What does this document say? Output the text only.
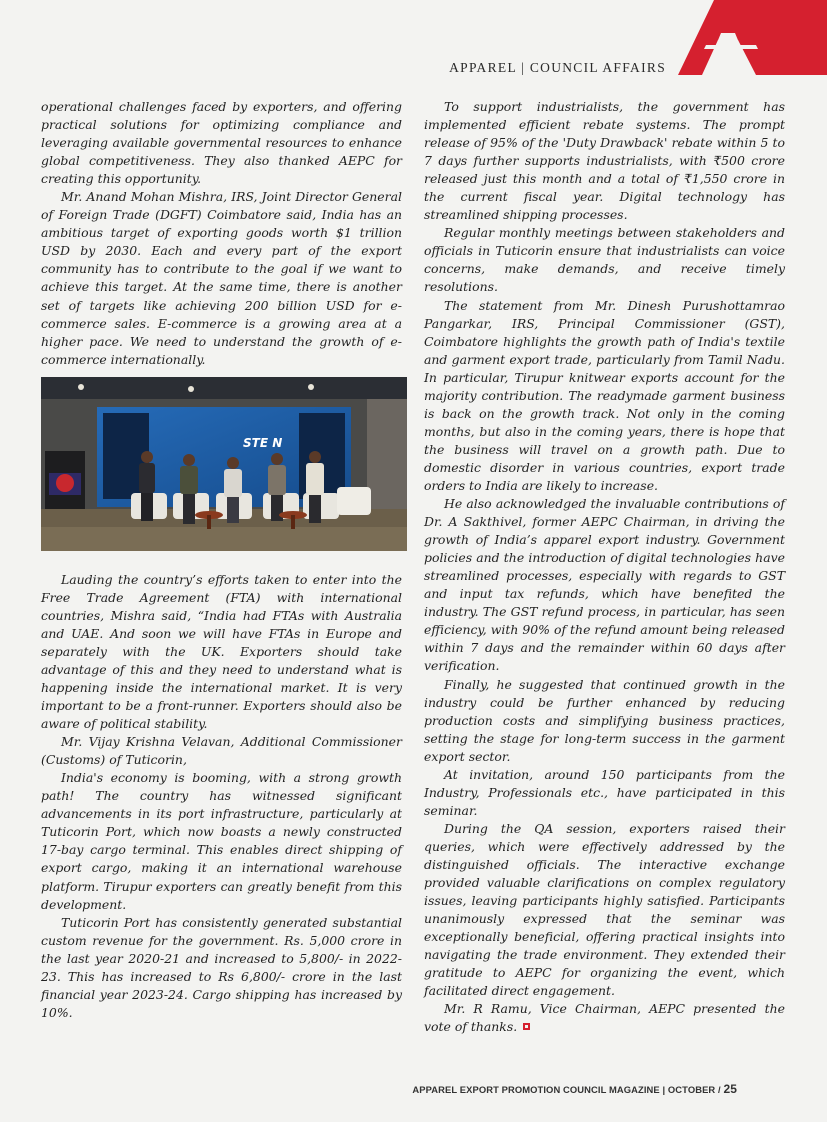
APPAREL | COUNCIL AFFAIRS

operational challenges faced by exporters, and offering practical solutions for optimizing compliance and leveraging available governmental resources to enhance global competitiveness. They also thanked AEPC for creating this opportunity.

Mr. Anand Mohan Mishra, IRS, Joint Director General of Foreign Trade (DGFT) Coimbatore said, India has an ambitious target of exporting goods worth $1 trillion USD by 2030. Each and every part of the export community has to contribute to the goal if we want to achieve this target. At the same time, there is another set of targets like achieving 200 billion USD for e-commerce sales. E-commerce is a growing area at a higher pace. We need to understand the growth of e-commerce internationally.

STE N

Lauding the country’s efforts taken to enter into the Free Trade Agreement (FTA) with international countries, Mishra said, “India had FTAs with Australia and UAE. And soon we will have FTAs in Europe and separately with the UK. Exporters should take advantage of this and they need to understand what is happening inside the international market. It is very important to be a front-runner. Exporters should also be aware of political stability.

Mr. Vijay Krishna Velavan, Additional Commissioner (Customs) of Tuticorin,

India's economy is booming, with a strong growth path! The country has witnessed significant advancements in its port infrastructure, particularly at Tuticorin Port, which now boasts a newly constructed 17-bay cargo terminal. This enables direct shipping of export cargo, making it an international warehouse platform. Tirupur exporters can greatly benefit from this development.

Tuticorin Port has consistently generated substantial custom revenue for the government. Rs. 5,000 crore in the last year 2020-21 and increased to 5,800/- in 2022-23. This has increased to Rs 6,800/- crore in the last financial year 2023-24. Cargo shipping has increased by 10%.

To support industrialists, the government has implemented efficient rebate systems. The prompt release of 95% of the 'Duty Drawback' rebate within 5 to 7 days further supports industrialists, with ₹500 crore released just this month and a total of ₹1,550 crore in the current fiscal year. Digital technology has streamlined shipping processes.

Regular monthly meetings between stakeholders and officials in Tuticorin ensure that industrialists can voice concerns, make demands, and receive timely resolutions.

The statement from Mr. Dinesh Purushottamrao Pangarkar, IRS, Principal Commissioner (GST), Coimbatore highlights the growth path of India's textile and garment export trade, particularly from Tamil Nadu. In particular, Tirupur knitwear exports account for the majority contribution. The readymade garment business is back on the growth track. Not only in the coming months, but also in the coming years, there is hope that the business will travel on a growth path. Due to domestic disorder in various countries, export trade orders to India are likely to increase.

He also acknowledged the invaluable contributions of Dr. A Sakthivel, former AEPC Chairman, in driving the growth of India’s apparel export industry. Government policies and the introduction of digital technologies have streamlined processes, especially with regards to GST and input tax refunds, which have benefited the industry. The GST refund process, in particular, has seen efficiency, with 90% of the refund amount being released within 7 days and the remainder within 60 days after verification.

Finally, he suggested that continued growth in the industry could be further enhanced by reducing production costs and simplifying business practices, setting the stage for long-term success in the garment export sector.

At invitation, around 150 participants from the Industry, Professionals etc., have participated in this seminar.

During the QA session, exporters raised their queries, which were effectively addressed by the distinguished officials. The interactive exchange provided valuable clarifications on complex regulatory issues, leaving participants highly satisfied. Participants unanimously expressed that the seminar was exceptionally beneficial, offering practical insights into navigating the trade environment. They extended their gratitude to AEPC for organizing the event, which facilitated direct engagement.

Mr. R Ramu, Vice Chairman, AEPC presented the vote of thanks.

APPAREL EXPORT PROMOTION COUNCIL MAGAZINE | OCTOBER / 25
